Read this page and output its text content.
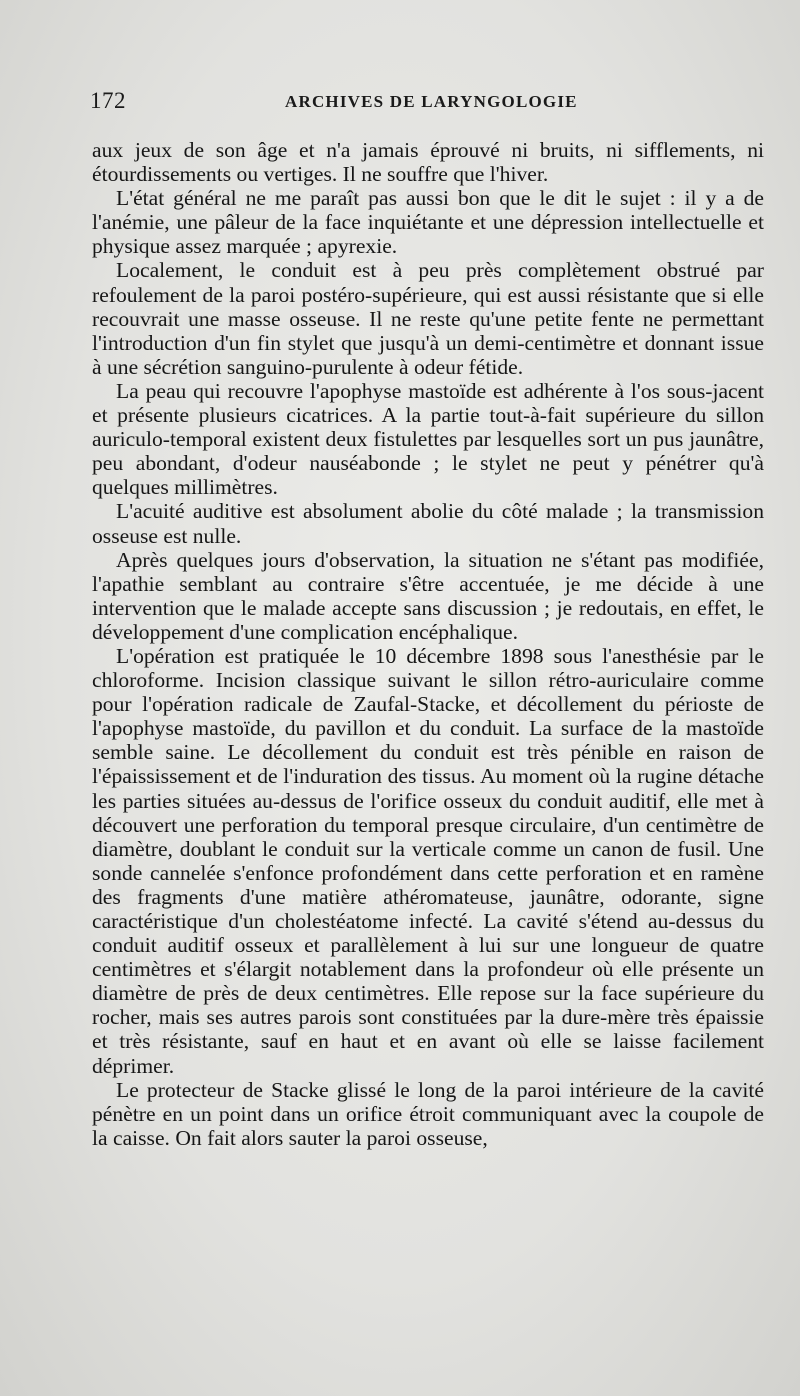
172	ARCHIVES DE LARYNGOLOGIE

aux jeux de son âge et n'a jamais éprouvé ni bruits, ni sifflements, ni étourdissements ou vertiges. Il ne souffre que l'hiver.

L'état général ne me paraît pas aussi bon que le dit le sujet : il y a de l'anémie, une pâleur de la face inquiétante et une dépression intellectuelle et physique assez marquée ; apyrexie.

Localement, le conduit est à peu près complètement obstrué par refoulement de la paroi postéro-supérieure, qui est aussi résistante que si elle recouvrait une masse osseuse. Il ne reste qu'une petite fente ne permettant l'introduction d'un fin stylet que jusqu'à un demi-centimètre et donnant issue à une sécrétion sanguino-purulente à odeur fétide.

La peau qui recouvre l'apophyse mastoïde est adhérente à l'os sous-jacent et présente plusieurs cicatrices. A la partie tout-à-fait supérieure du sillon auriculo-temporal existent deux fistulettes par lesquelles sort un pus jaunâtre, peu abondant, d'odeur nauséabonde ; le stylet ne peut y pénétrer qu'à quelques millimètres.

L'acuité auditive est absolument abolie du côté malade ; la transmission osseuse est nulle.

Après quelques jours d'observation, la situation ne s'étant pas modifiée, l'apathie semblant au contraire s'être accentuée, je me décide à une intervention que le malade accepte sans discussion ; je redoutais, en effet, le développement d'une complication encéphalique.

L'opération est pratiquée le 10 décembre 1898 sous l'anesthésie par le chloroforme. Incision classique suivant le sillon rétro-auriculaire comme pour l'opération radicale de Zaufal-Stacke, et décollement du périoste de l'apophyse mastoïde, du pavillon et du conduit. La surface de la mastoïde semble saine. Le décollement du conduit est très pénible en raison de l'épaississement et de l'induration des tissus. Au moment où la rugine détache les parties situées au-dessus de l'orifice osseux du conduit auditif, elle met à découvert une perforation du temporal presque circulaire, d'un centimètre de diamètre, doublant le conduit sur la verticale comme un canon de fusil. Une sonde cannelée s'enfonce profondément dans cette perforation et en ramène des fragments d'une matière athéromateuse, jaunâtre, odorante, signe caractéristique d'un cholestéatome infecté. La cavité s'étend au-dessus du conduit auditif osseux et parallèlement à lui sur une longueur de quatre centimètres et s'élargit notablement dans la profondeur où elle présente un diamètre de près de deux centimètres. Elle repose sur la face supérieure du rocher, mais ses autres parois sont constituées par la dure-mère très épaissie et très résistante, sauf en haut et en avant où elle se laisse facilement déprimer.

Le protecteur de Stacke glissé le long de la paroi intérieure de la cavité pénètre en un point dans un orifice étroit communiquant avec la coupole de la caisse. On fait alors sauter la paroi osseuse,
